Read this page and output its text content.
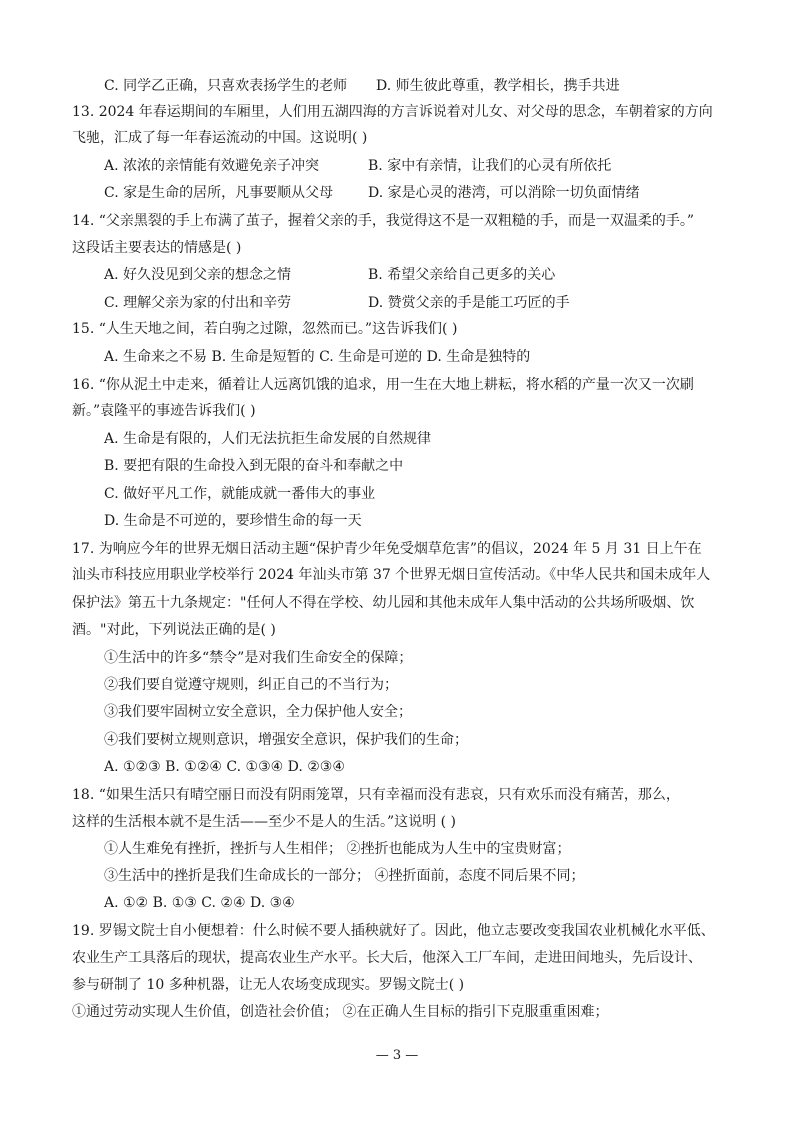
C. 同学乙正确，只喜欢表扬学生的老师 D. 师生彼此尊重，教学相长，携手共进
13. 2024 年春运期间的车厢里，人们用五湖四海的方言诉说着对儿女、对父母的思念，车朝着家的方向
飞驰，汇成了每一年春运流动的中国。这说明( )
A. 浓浓的亲情能有效避免亲子冲突	B. 家中有亲情，让我们的心灵有所依托
C. 家是生命的居所，凡事要顺从父母 D. 家是心灵的港湾，可以消除一切负面情绪
14. “父亲黑裂的手上布满了茧子，握着父亲的手，我觉得这不是一双粗糙的手，而是一双温柔的手。”
这段话主要表达的情感是( )
A. 好久没见到父亲的想念之情	B. 希望父亲给自己更多的关心
C. 理解父亲为家的付出和辛劳	D. 赞赏父亲的手是能工巧匠的手
15. “人生天地之间，若白驹之过隙，忽然而已。”这告诉我们( )
A. 生命来之不易 B. 生命是短暂的 C. 生命是可逆的 D. 生命是独特的
16. “你从泥土中走来，循着让人远离饥饿的追求，用一生在大地上耕耘，将水稻的产量一次又一次刷
新。”袁隆平的事迹告诉我们( )
A. 生命是有限的，人们无法抗拒生命发展的自然规律
B. 要把有限的生命投入到无限的奋斗和奉献之中
C. 做好平凡工作，就能成就一番伟大的事业
D. 生命是不可逆的，要珍惜生命的每一天
17. 为响应今年的世界无烟日活动主题“保护青少年免受烟草危害”的倡议，2024 年 5 月 31 日上午在
汕头市科技应用职业学校举行 2024 年汕头市第 37 个世界无烟日宣传活动。《中华人民共和国未成年人
保护法》第五十九条规定："任何人不得在学校、幼儿园和其他未成年人集中活动的公共场所吸烟、饮
酒。"对此，下列说法正确的是( )
①生活中的许多“禁令”是对我们生命安全的保障；
②我们要自觉遵守规则，纠正自己的不当行为；
③我们要牢固树立安全意识，全力保护他人安全；
④我们要树立规则意识，增强安全意识，保护我们的生命；
A. ①②③ B. ①②④ C. ①③④ D. ②③④
18. “如果生活只有晴空丽日而没有阴雨笼罩，只有幸福而没有悲哀，只有欢乐而没有痛苦，那么，
这样的生活根本就不是生活——至少不是人的生活。”这说明 ( )
①人生难免有挫折，挫折与人生相伴； ②挫折也能成为人生中的宝贵财富；
③生活中的挫折是我们生命成长的一部分； ④挫折面前，态度不同后果不同；
A. ①② B. ①③ C. ②④ D. ③④
19. 罗锡文院士自小便想着：什么时候不要人插秧就好了。因此，他立志要改变我国农业机械化水平低、
农业生产工具落后的现状，提高农业生产水平。长大后，他深入工厂车间，走进田间地头，先后设计、
参与研制了 10 多种机器，让无人农场变成现实。罗锡文院士( )
①通过劳动实现人生价值，创造社会价值； ②在正确人生目标的指引下克服重重困难；
— 3 —
